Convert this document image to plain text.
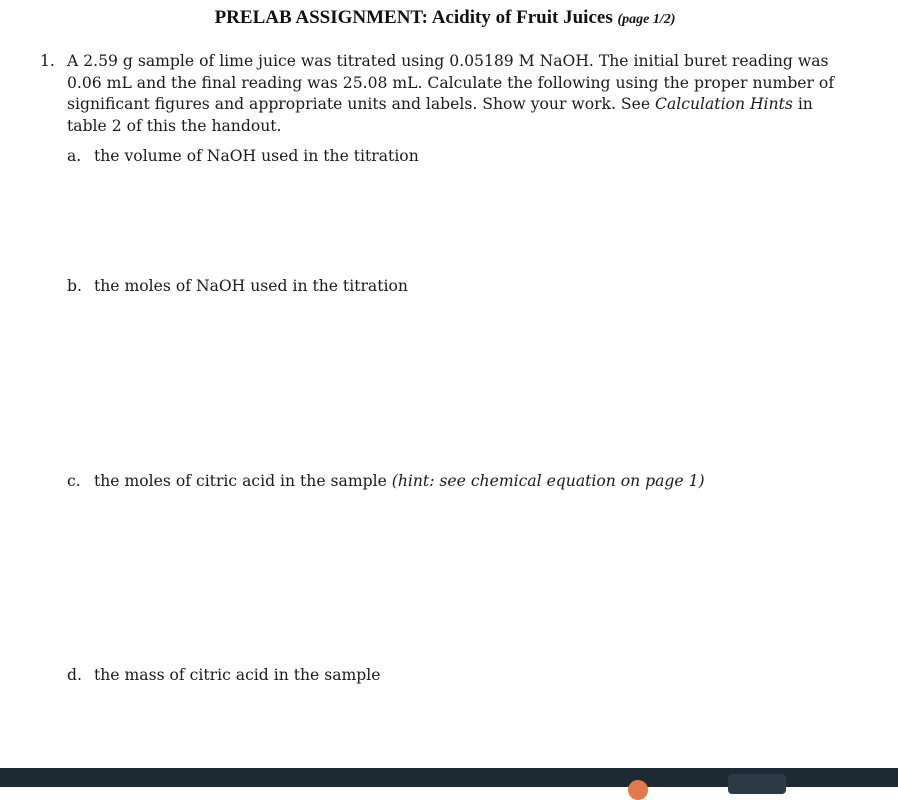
PRELAB ASSIGNMENT: Acidity of Fruit Juices (page 1/2)
1. A 2.59 g sample of lime juice was titrated using 0.05189 M NaOH. The initial buret reading was 0.06 mL and the final reading was 25.08 mL. Calculate the following using the proper number of significant figures and appropriate units and labels. Show your work. See Calculation Hints in table 2 of this the handout.
a. the volume of NaOH used in the titration
b. the moles of NaOH used in the titration
c. the moles of citric acid in the sample (hint: see chemical equation on page 1)
d. the mass of citric acid in the sample
